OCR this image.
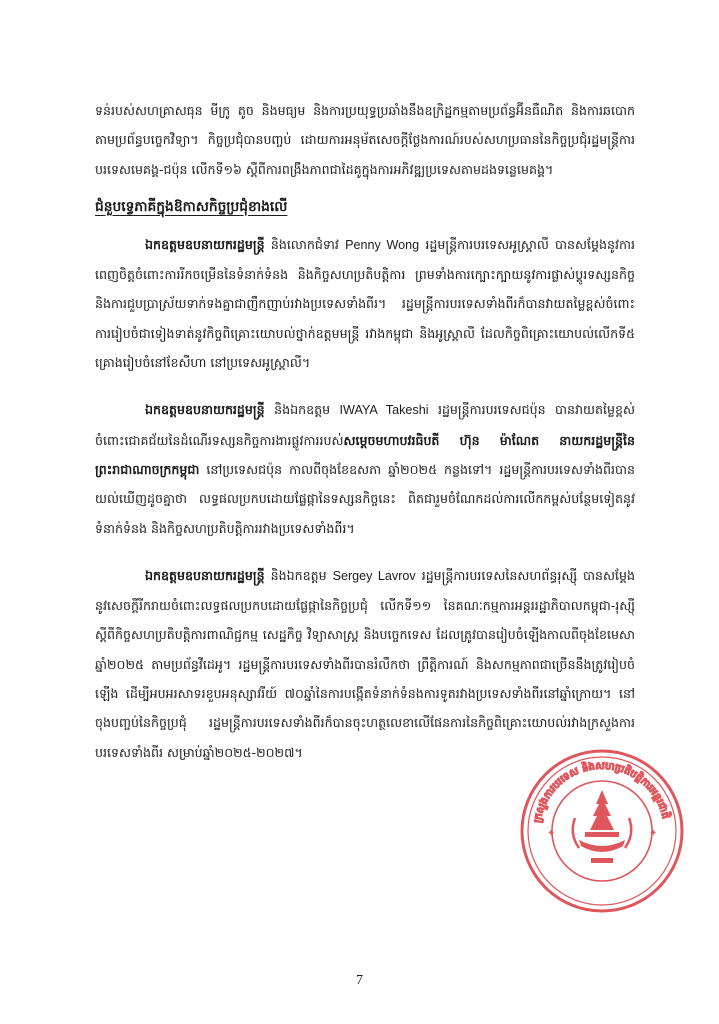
ទន់របស់សហគ្រាសធុន មីក្រូ តូច និងមធ្យម និងការប្រយុទ្ធប្រឆាំងនឹងឧក្រិដ្ឋកម្មតាមប្រព័ន្ធអ៊ីនធឺណិត និងការឆបោកតាមប្រព័ន្ធបច្ចេកវិទ្យា។ កិច្ចប្រជុំបានបញ្ចប់ ដោយការអនុម័តសេចក្ដីថ្លែងការណ៍របស់សហប្រធាននៃកិច្ចប្រជុំរដ្ឋមន្ត្រីការបរទេសមេគង្គ-ជប៉ុន លើកទី១៦ ស្ដីពីការពង្រឹងភាពជាដៃគូក្នុងការអភិវឌ្ឍប្រទេសតាមដងទន្លេមេគង្គ។

ជំនួបទ្វេភាគីក្នុងឱកាសកិច្ចប្រជុំខាងលើ

ឯកឧត្តមឧបនាយករដ្ឋមន្ត្រី និងលោកជំទាវ Penny Wong រដ្ឋមន្ត្រីការបរទេសអូស្ដ្រាលី បានសម្ដែងនូវការពេញចិត្តចំពោះការរីកចម្រើននៃទំនាក់ទំនង និងកិច្ចសហប្រតិបត្តិការ ព្រមទាំងការក្បោះក្បាយនូវការផ្លាស់ប្ដូរទស្សនកិច្ច និងការជួបប្រាស្រ័យទាក់ទងគ្នាជាញឹកញាប់រវាងប្រទេសទាំងពីរ។ រដ្ឋមន្ត្រីការបរទេសទាំងពីរក៏បានវាយតម្លៃខ្ពស់ចំពោះការរៀបចំជាទៀងទាត់នូវកិច្ចពិគ្រោះយោបល់ថ្នាក់ឧត្តមមន្ត្រី រវាងកម្ពុជា និងអូស្ដ្រាលី ដែលកិច្ចពិគ្រោះយោបល់លើកទី៥ គ្រោងរៀបចំនៅខែសីហា នៅប្រទេសអូស្ដ្រាលី។

ឯកឧត្តមឧបនាយករដ្ឋមន្ត្រី និងឯកឧត្តម IWAYA Takeshi រដ្ឋមន្ត្រីការបរទេសជប៉ុន បានវាយតម្លៃខ្ពស់ចំពោះជោគជ័យនៃដំណើរទស្សនកិច្ចការងារផ្លូវការរបស់សម្ដេចមហាបវរធិបតី ហ៊ុន ម៉ាណែត នាយករដ្ឋមន្ត្រីនៃព្រះរាជាណាចក្រកម្ពុជា នៅប្រទេសជប៉ុន កាលពីចុងខែឧសភា ឆ្នាំ២០២៥ កន្លងទៅ។ រដ្ឋមន្ត្រីការបរទេសទាំងពីរបានយល់ឃើញដូចគ្នាថា លទ្ធផលប្រកបដោយផ្លែផ្កានៃទស្សនកិច្ចនេះ ពិតជារួមចំណែកដល់ការលើកកម្ពស់បន្ថែមទៀតនូវទំនាក់ទំនង និងកិច្ចសហប្រតិបត្តិការរវាងប្រទេសទាំងពីរ។

ឯកឧត្តមឧបនាយករដ្ឋមន្ត្រី និងឯកឧត្តម Sergey Lavrov រដ្ឋមន្ត្រីការបរទេសនៃសហព័ន្ធរុស្ស៊ី បានសម្ដែងនូវសេចក្ដីរីករាយចំពោះលទ្ធផលប្រកបដោយផ្លែផ្កានៃកិច្ចប្រជុំ លើកទី១១ នៃគណៈកម្មការអន្តររដ្ឋាភិបាលកម្ពុជា-រុស្ស៊ី ស្ដីពីកិច្ចសហប្រតិបត្តិការពាណិជ្ជកម្ម សេដ្ឋកិច្ច វិទ្យាសាស្ត្រ និងបច្ចេកទេស ដែលត្រូវបានរៀបចំឡើងកាលពីចុងខែមេសា ឆ្នាំ២០២៥ តាមប្រព័ន្ធវីដេអូ។ រដ្ឋមន្ត្រីការបរទេសទាំងពីរបានរំលឹកថា ព្រឹត្តិការណ៍ និងសកម្មភាពជាច្រើននឹងត្រូវរៀបចំឡើង ដើម្បីអបអរសាទរខួបអនុស្សាវរីយ៍ ៧០ឆ្នាំនៃការបង្កើតទំនាក់ទំនងការទូតរវាងប្រទេសទាំងពីរនៅឆ្នាំក្រោយ។ នៅចុងបញ្ចប់នៃកិច្ចប្រជុំ រដ្ឋមន្ត្រីការបរទេសទាំងពីរក៏បានចុះហត្ថលេខាលើផែនការនៃកិច្ចពិគ្រោះយោបល់រវាងក្រសួងការបរទេសទាំងពីរ សម្រាប់ឆ្នាំ២០២៥-២០២៧។

ក្រសួងការបរទេស និងសហប្រតិបត្តិការអន្តរជាតិ
✦	✦
7
